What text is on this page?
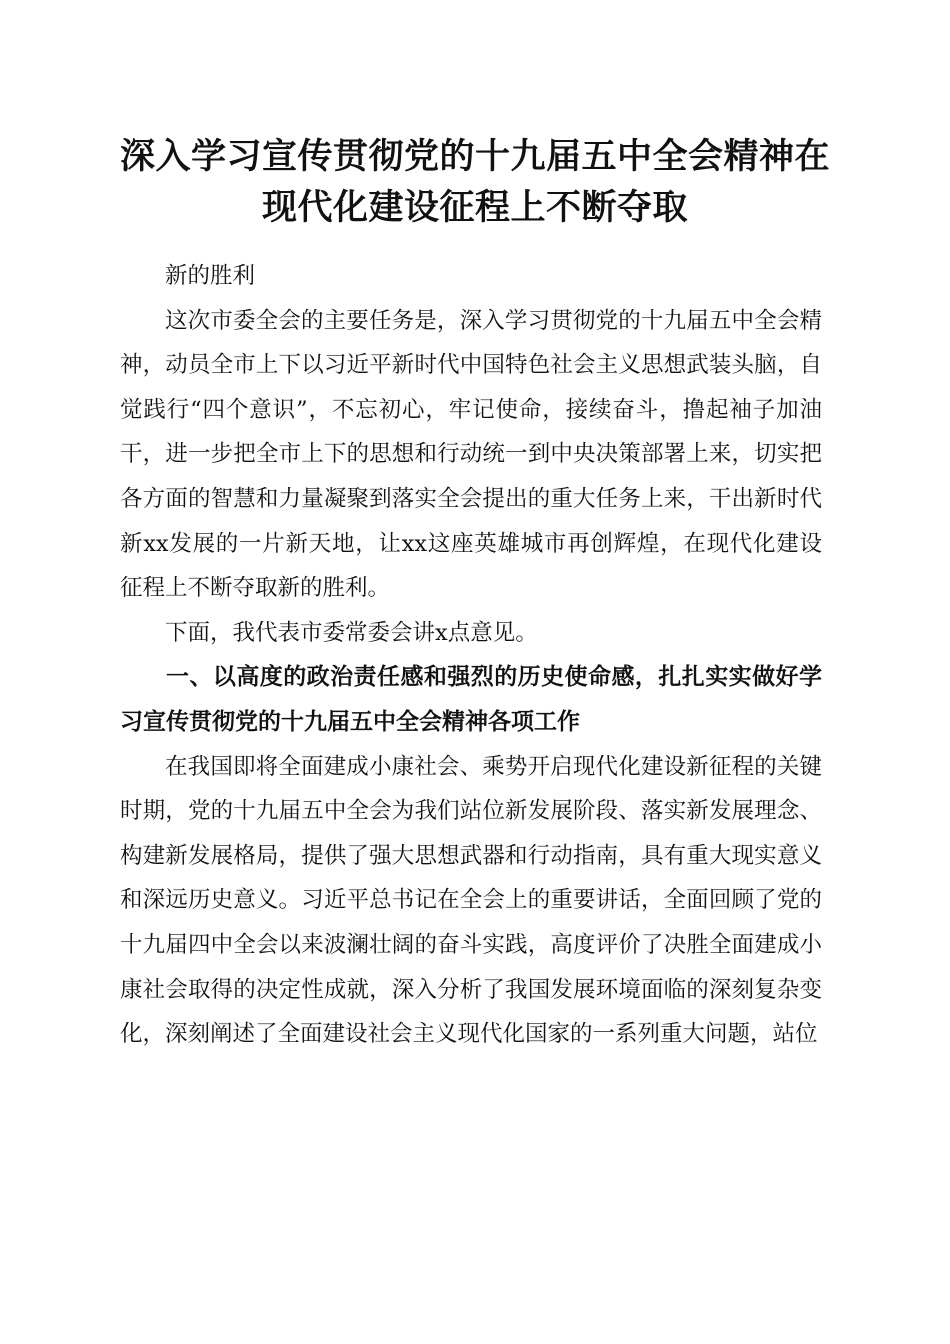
深入学习宣传贯彻党的十九届五中全会精神在
现代化建设征程上不断夺取

新的胜利

这次市委全会的主要任务是，深入学习贯彻党的十九届五中全会精神，动员全市上下以习近平新时代中国特色社会主义思想武装头脑，自觉践行“四个意识”，不忘初心，牢记使命，接续奋斗，撸起袖子加油干，进一步把全市上下的思想和行动统一到中央决策部署上来，切实把各方面的智慧和力量凝聚到落实全会提出的重大任务上来，干出新时代新xx发展的一片新天地，让xx这座英雄城市再创辉煌，在现代化建设征程上不断夺取新的胜利。

下面，我代表市委常委会讲x点意见。

一、以高度的政治责任感和强烈的历史使命感，扎扎实实做好学习宣传贯彻党的十九届五中全会精神各项工作

在我国即将全面建成小康社会、乘势开启现代化建设新征程的关键时期，党的十九届五中全会为我们站位新发展阶段、落实新发展理念、构建新发展格局，提供了强大思想武器和行动指南，具有重大现实意义和深远历史意义。习近平总书记在全会上的重要讲话，全面回顾了党的十九届四中全会以来波澜壮阔的奋斗实践，高度评价了决胜全面建成小康社会取得的决定性成就，深入分析了我国发展环境面临的深刻复杂变化，深刻阐述了全面建设社会主义现代化国家的一系列重大问题，站位
